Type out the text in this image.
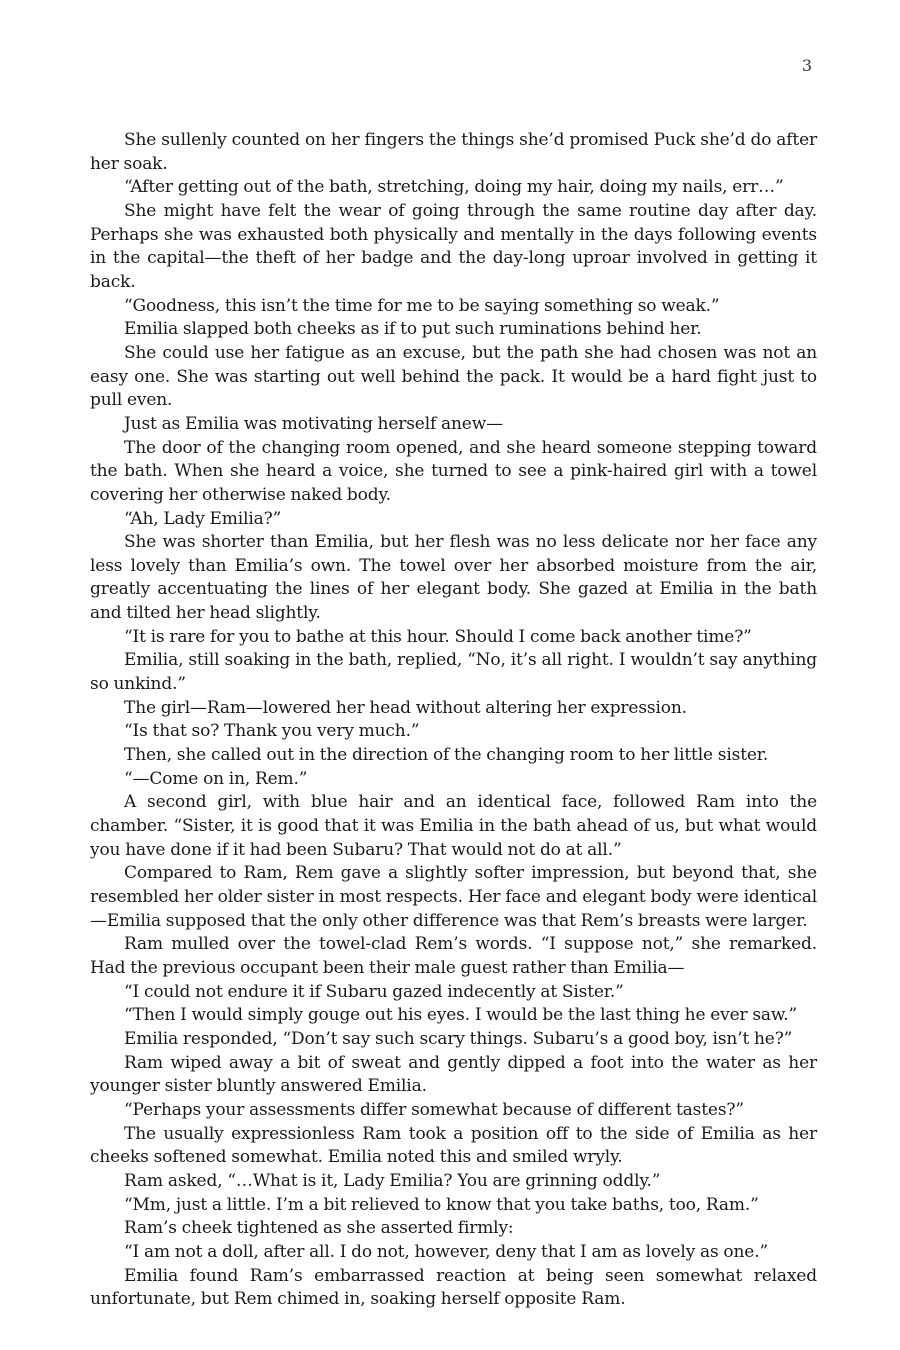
3

She sullenly counted on her fingers the things she’d promised Puck she’d do after her soak.

“After getting out of the bath, stretching, doing my hair, doing my nails, err…”

She might have felt the wear of going through the same routine day after day. Perhaps she was exhausted both physically and mentally in the days following events in the capital—the theft of her badge and the day-long uproar involved in getting it back.

“Goodness, this isn’t the time for me to be saying something so weak.”

Emilia slapped both cheeks as if to put such ruminations behind her.

She could use her fatigue as an excuse, but the path she had chosen was not an easy one. She was starting out well behind the pack. It would be a hard fight just to pull even.

Just as Emilia was motivating herself anew—

The door of the changing room opened, and she heard someone stepping toward the bath. When she heard a voice, she turned to see a pink-haired girl with a towel covering her otherwise naked body.

“Ah, Lady Emilia?”

She was shorter than Emilia, but her flesh was no less delicate nor her face any less lovely than Emilia’s own. The towel over her absorbed moisture from the air, greatly accentuating the lines of her elegant body. She gazed at Emilia in the bath and tilted her head slightly.

“It is rare for you to bathe at this hour. Should I come back another time?”

Emilia, still soaking in the bath, replied, “No, it’s all right. I wouldn’t say anything so unkind.”

The girl—Ram—lowered her head without altering her expression.

“Is that so? Thank you very much.”

Then, she called out in the direction of the changing room to her little sister.

“—Come on in, Rem.”

A second girl, with blue hair and an identical face, followed Ram into the chamber. “Sister, it is good that it was Emilia in the bath ahead of us, but what would you have done if it had been Subaru? That would not do at all.”

Compared to Ram, Rem gave a slightly softer impression, but beyond that, she resembled her older sister in most respects. Her face and elegant body were identical—Emilia supposed that the only other difference was that Rem’s breasts were larger.

Ram mulled over the towel-clad Rem’s words. “I suppose not,” she remarked. Had the previous occupant been their male guest rather than Emilia—

“I could not endure it if Subaru gazed indecently at Sister.”

“Then I would simply gouge out his eyes. I would be the last thing he ever saw.”

Emilia responded, “Don’t say such scary things. Subaru’s a good boy, isn’t he?”

Ram wiped away a bit of sweat and gently dipped a foot into the water as her younger sister bluntly answered Emilia.

“Perhaps your assessments differ somewhat because of different tastes?”

The usually expressionless Ram took a position off to the side of Emilia as her cheeks softened somewhat. Emilia noted this and smiled wryly.

Ram asked, “…What is it, Lady Emilia? You are grinning oddly.”

“Mm, just a little. I’m a bit relieved to know that you take baths, too, Ram.”

Ram’s cheek tightened as she asserted firmly:

“I am not a doll, after all. I do not, however, deny that I am as lovely as one.”

Emilia found Ram’s embarrassed reaction at being seen somewhat relaxed unfortunate, but Rem chimed in, soaking herself opposite Ram.
